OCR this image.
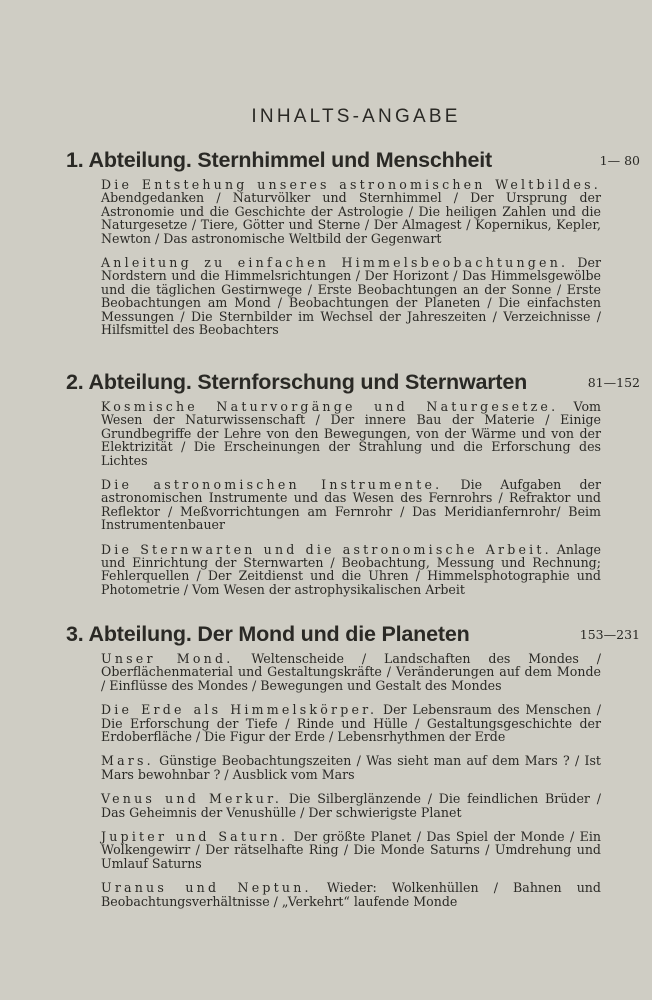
INHALTS-ANGABE
1. Abteilung. Sternhimmel und Menschheit	1— 80

Die Entstehung unseres astronomischen Weltbildes. Abendgedanken / Naturvölker und Sternhimmel / Der Ursprung der Astronomie und die Geschichte der Astrologie / Die heiligen Zahlen und die Naturgesetze / Tiere, Götter und Sterne / Der Almagest / Kopernikus, Kepler, Newton / Das astronomische Weltbild der Gegenwart

Anleitung zu einfachen Himmelsbeobachtungen. Der Nordstern und die Himmelsrichtungen / Der Horizont / Das Himmelsgewölbe und die täglichen Gestirnwege / Erste Beobachtungen an der Sonne / Erste Beobachtungen am Mond / Beobachtungen der Planeten / Die einfachsten Messungen / Die Sternbilder im Wechsel der Jahreszeiten / Verzeichnisse / Hilfsmittel des Beobachters

2. Abteilung. Sternforschung und Sternwarten	81—152

Kosmische Naturvorgänge und Naturgesetze. Vom Wesen der Naturwissenschaft / Der innere Bau der Materie / Einige Grundbegriffe der Lehre von den Bewegungen, von der Wärme und von der Elektrizität / Die Erscheinungen der Strahlung und die Erforschung des Lichtes

Die astronomischen Instrumente. Die Aufgaben der astronomischen Instrumente und das Wesen des Fernrohrs / Refraktor und Reflektor / Meßvorrichtungen am Fernrohr / Das Meridianfernrohr/ Beim Instrumentenbauer

Die Sternwarten und die astronomische Arbeit. Anlage und Einrichtung der Sternwarten / Beobachtung, Messung und Rechnung; Fehlerquellen / Der Zeitdienst und die Uhren / Himmelsphotographie und Photometrie / Vom Wesen der astrophysikalischen Arbeit

3. Abteilung. Der Mond und die Planeten	153—231

Unser Mond. Weltenscheide / Landschaften des Mondes / Oberflächenmaterial und Gestaltungskräfte / Veränderungen auf dem Monde / Einflüsse des Mondes / Bewegungen und Gestalt des Mondes

Die Erde als Himmelskörper. Der Lebensraum des Menschen / Die Erforschung der Tiefe / Rinde und Hülle / Gestaltungsgeschichte der Erdoberfläche / Die Figur der Erde / Lebensrhythmen der Erde

Mars. Günstige Beobachtungszeiten / Was sieht man auf dem Mars ? / Ist Mars bewohnbar ? / Ausblick vom Mars

Venus und Merkur. Die Silberglänzende / Die feindlichen Brüder / Das Geheimnis der Venushülle / Der schwierigste Planet

Jupiter und Saturn. Der größte Planet / Das Spiel der Monde / Ein Wolkengewirr / Der rätselhafte Ring / Die Monde Saturns / Umdrehung und Umlauf Saturns

Uranus und Neptun. Wieder: Wolkenhüllen / Bahnen und Beobachtungsverhältnisse / „Verkehrt“ laufende Monde
